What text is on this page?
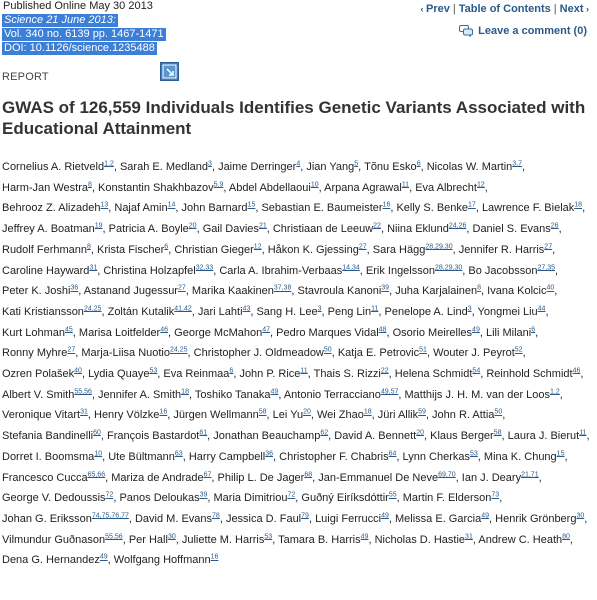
Published Online May 30 2013
Science 21 June 2013:
Vol. 340 no. 6139 pp. 1467-1471
DOI: 10.1126/science.1235488
‹ Prev | Table of Contents | Next ›
Leave a comment (0)
REPORT
GWAS of 126,559 Individuals Identifies Genetic Variants Associated with Educational Attainment
Cornelius A. Rietveld$^{1,2}$, Sarah E. Medland$^3$, Jaime Derringer$^4$, Jian Yang$^5$, Tõnu Esko$^6$, Nicolas W. Martin$^{3,7}$, Harm-Jan Westra$^8$, Konstantin Shakhbazov$^{5,9}$, Abdel Abdellaoui$^{10}$, Arpana Agrawal$^{11}$, Eva Albrecht$^{12}$, Behrooz Z. Alizadeh$^{13}$, Najaf Amin$^{14}$, John Barnard$^{15}$, Sebastian E. Baumeister$^{16}$, Kelly S. Benke$^{17}$, Lawrence F. Bielak$^{18}$, Jeffrey A. Boatman$^{19}$, Patricia A. Boyle$^{20}$, Gail Davies$^{21}$, Christiaan de Leeuw$^{22}$, Niina Eklund$^{24,26}$, Daniel S. Evans$^{26}$, Rudolf Ferhmann$^8$, Krista Fischer$^6$, Christian Gieger$^{12}$, Håkon K. Gjessing$^{27}$, Sara Hägg$^{28,29,30}$, Jennifer R. Harris$^{27}$, Caroline Hayward$^{31}$, Christina Holzapfel$^{32,33}$, Carla A. Ibrahim-Verbaas$^{14,34}$, Erik Ingelsson$^{28,29,30}$, Bo Jacobsson$^{27,35}$, Peter K. Joshi$^{36}$, Astanand Jugessur$^{27}$, Marika Kaakinen$^{37,38}$, Stavroula Kanoni$^{39}$, Juha Karjalainen$^8$, Ivana Kolcic$^{40}$, Kati Kristiansson$^{24,25}$, Zoltán Kutalik$^{41,42}$, Jari Lahti$^{43}$, Sang H. Lee$^3$, Peng Lin$^{11}$, Penelope A. Lind$^3$, Yongmei Liu$^{44}$, Kurt Lohman$^{45}$, Marisa Loitfelder$^{46}$, George McMahon$^{47}$, Pedro Marques Vidal$^{48}$, Osorio Meirelles$^{49}$, Lili Milani$^6$, Ronny Myhre$^{27}$, Marja-Liisa Nuotio$^{24,25}$, Christopher J. Oldmeadow$^{50}$, Katja E. Petrovic$^{51}$, Wouter J. Peyrot$^{52}$, Ozren Polašek$^{40}$, Lydia Quaye$^{53}$, Eva Reinmaa$^6$, John P. Rice$^{11}$, Thais S. Rizzi$^{22}$, Helena Schmidt$^{54}$, Reinhold Schmidt$^{46}$, Albert V. Smith$^{55,56}$, Jennifer A. Smith$^{18}$, Toshiko Tanaka$^{49}$, Antonio Terracciano$^{49,57}$, Matthijs J. H. M. van der Loos$^{1,2}$, Veronique Vitart$^{31}$, Henry Völzke$^{16}$, Jürgen Wellmann$^{58}$, Lei Yu$^{20}$, Wei Zhao$^{18}$, Jüri Allik$^{59}$, John R. Attia$^{50}$, Stefania Bandinelli$^{60}$, François Bastardot$^{61}$, Jonathan Beauchamp$^{62}$, David A. Bennett$^{20}$, Klaus Berger$^{58}$, Laura J. Bierut$^{11}$, Dorret I. Boomsma$^{10}$, Ute Bültmann$^{63}$, Harry Campbell$^{36}$, Christopher F. Chabris$^{64}$, Lynn Cherkas$^{53}$, Mina K. Chung$^{15}$, Francesco Cucca$^{65,66}$, Mariza de Andrade$^{67}$, Philip L. De Jager$^{68}$, Jan-Emmanuel De Neve$^{69,70}$, Ian J. Deary$^{21,71}$, George V. Dedoussis$^{72}$, Panos Deloukas$^{39}$, Maria Dimitriou$^{72}$, Guðný Eiríksdóttir$^{55}$, Martin F. Elderson$^{73}$, Johan G. Eriksson$^{74,75,76,77}$, David M. Evans$^{78}$, Jessica D. Faul$^{79}$, Luigi Ferrucci$^{49}$, Melissa E. Garcia$^{49}$, Henrik Grönberg$^{30}$, Vilmundur Guðnason$^{55,56}$, Per Hall$^{30}$, Juliette M. Harris$^{53}$, Tamara B. Harris$^{49}$, Nicholas D. Hastie$^{31}$, Andrew C. Heath$^{80}$, Dena G. Hernandez$^{49}$, Wolfgang Hoffmann$^{16}$
